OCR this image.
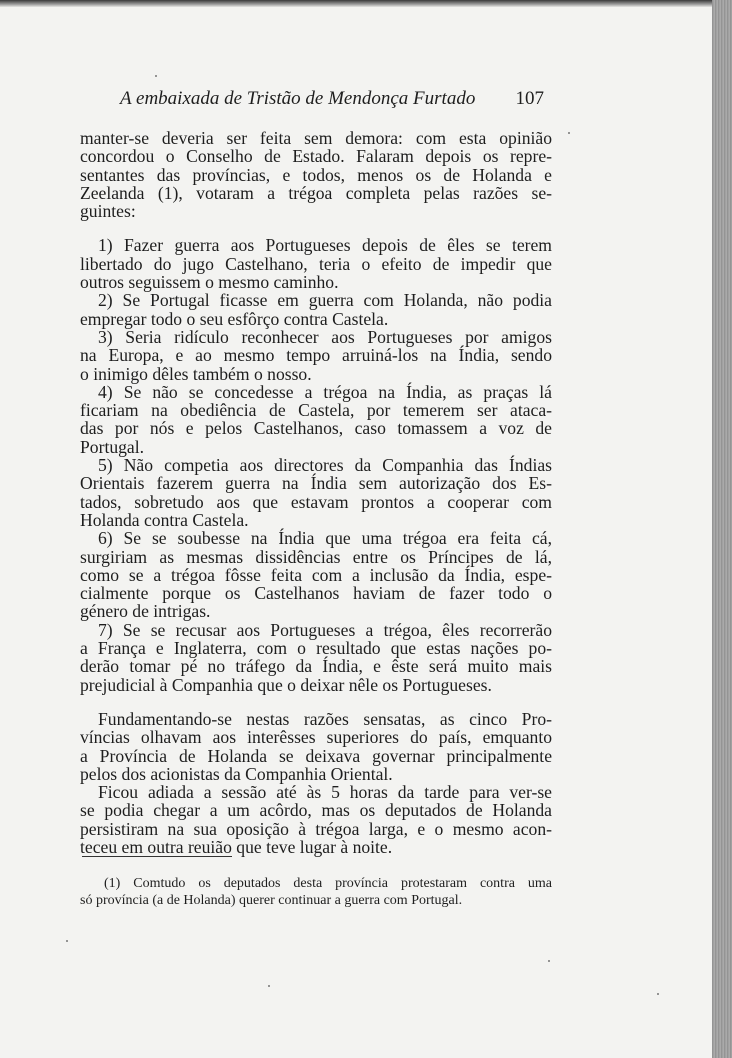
A embaixada de Tristão de Mendonça Furtado 107
manter-se deveria ser feita sem demora: com esta opinião
concordou o Conselho de Estado. Falaram depois os repre-
sentantes das províncias, e todos, menos os de Holanda e
Zeelanda (1), votaram a trégoa completa pelas razões se-
guintes:
1) Fazer guerra aos Portugueses depois de êles se terem
libertado do jugo Castelhano, teria o efeito de impedir que
outros seguissem o mesmo caminho.
2) Se Portugal ficasse em guerra com Holanda, não podia
empregar todo o seu esfôrço contra Castela.
3) Seria ridículo reconhecer aos Portugueses por amigos
na Europa, e ao mesmo tempo arruiná-los na Índia, sendo
o inimigo dêles também o nosso.
4) Se não se concedesse a trégoa na Índia, as praças lá
ficariam na obediência de Castela, por temerem ser ataca-
das por nós e pelos Castelhanos, caso tomassem a voz de
Portugal.
5) Não competia aos directores da Companhia das Índias
Orientais fazerem guerra na Índia sem autorização dos Es-
tados, sobretudo aos que estavam prontos a cooperar com
Holanda contra Castela.
6) Se se soubesse na Índia que uma trégoa era feita cá,
surgiriam as mesmas dissidências entre os Príncipes de lá,
como se a trégoa fôsse feita com a inclusão da Índia, espe-
cialmente porque os Castelhanos haviam de fazer todo o
género de intrigas.
7) Se se recusar aos Portugueses a trégoa, êles recorrerão
a França e Inglaterra, com o resultado que estas nações po-
derão tomar pé no tráfego da Índia, e êste será muito mais
prejudicial à Companhia que o deixar nêle os Portugueses.
Fundamentando-se nestas razões sensatas, as cinco Pro-
víncias olhavam aos interêsses superiores do país, emquanto
a Província de Holanda se deixava governar principalmente
pelos dos acionistas da Companhia Oriental.
Ficou adiada a sessão até às 5 horas da tarde para ver-se
se podia chegar a um acôrdo, mas os deputados de Holanda
persistiram na sua oposição à trégoa larga, e o mesmo acon-
teceu em outra reuião que teve lugar à noite.
(1) Comtudo os deputados desta província protestaram contra uma
só província (a de Holanda) querer continuar a guerra com Portugal.
